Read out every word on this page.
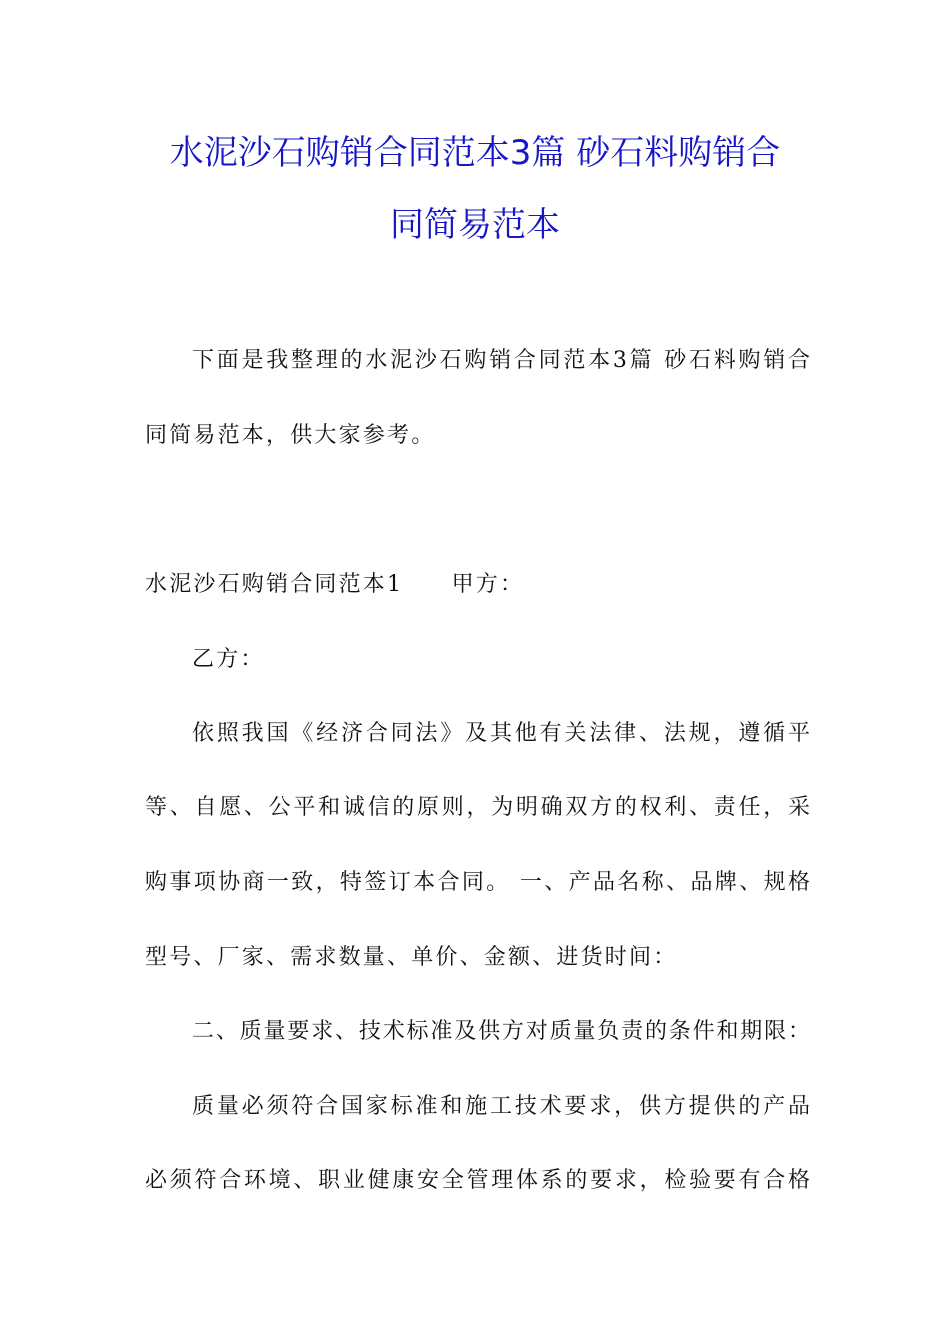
水泥沙石购销合同范本3篇 砂石料购销合
同简易范本
下面是我整理的水泥沙石购销合同范本3篇 砂石料购销合
同简易范本，供大家参考。
水泥沙石购销合同范本1　　甲方：
乙方：
依照我国《经济合同法》及其他有关法律、法规，遵循平
等、自愿、公平和诚信的原则，为明确双方的权利、责任，采
购事项协商一致，特签订本合同。 一、产品名称、品牌、规格
型号、厂家、需求数量、单价、金额、进货时间：
二、质量要求、技术标准及供方对质量负责的条件和期限：
质量必须符合国家标准和施工技术要求，供方提供的产品
必须符合环境、职业健康安全管理体系的要求，检验要有合格
